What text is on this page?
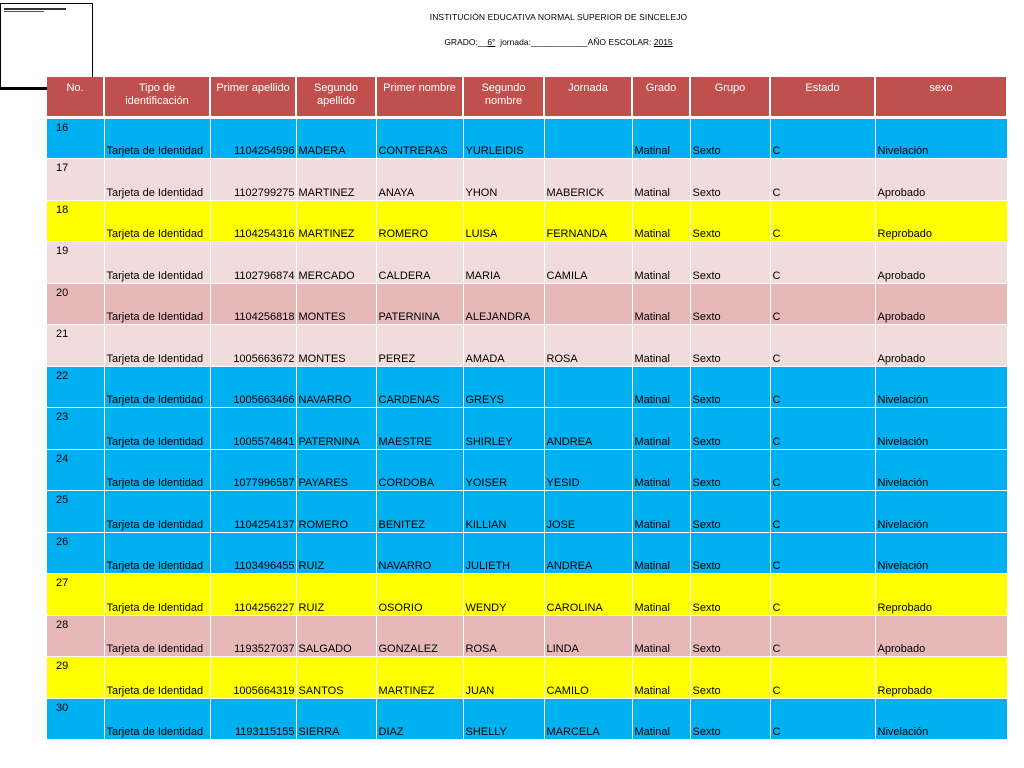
INSTITUCIÓN EDUCATIVA NORMAL SUPERIOR DE SINCELEJO
GRADO:__6°  jornada:____________AÑO ESCOLAR: 2015
No.	Tipo de identificación	Primer apellido	Segundo apellido	Primer nombre	Segundo nombre	Jornada	Grado	Grupo	Estado	sexo
16	Tarjeta de Identidad	1104254596	MADERA	CONTRERAS	YURLEIDIS		Matinal	Sexto	C	Nivelación
17	Tarjeta de Identidad	1102799275	MARTINEZ	ANAYA	YHON	MABERICK	Matinal	Sexto	C	Aprobado
18	Tarjeta de Identidad	1104254316	MARTINEZ	ROMERO	LUISA	FERNANDA	Matinal	Sexto	C	Reprobado
19	Tarjeta de Identidad	1102796874	MERCADO	CALDERA	MARIA	CAMILA	Matinal	Sexto	C	Aprobado
20	Tarjeta de Identidad	1104256818	MONTES	PATERNINA	ALEJANDRA		Matinal	Sexto	C	Aprobado
21	Tarjeta de Identidad	1005663672	MONTES	PEREZ	AMADA	ROSA	Matinal	Sexto	C	Aprobado
22	Tarjeta de Identidad	1005663466	NAVARRO	CARDENAS	GREYS		Matinal	Sexto	C	Nivelación
23	Tarjeta de Identidad	1005574841	PATERNINA	MAESTRE	SHIRLEY	ANDREA	Matinal	Sexto	C	Nivelación
24	Tarjeta de Identidad	1077996587	PAYARES	CORDOBA	YOISER	YESID	Matinal	Sexto	C	Nivelación
25	Tarjeta de Identidad	1104254137	ROMERO	BENITEZ	KILLIAN	JOSE	Matinal	Sexto	C	Nivelación
26	Tarjeta de Identidad	1103496455	RUIZ	NAVARRO	JULIETH	ANDREA	Matinal	Sexto	C	Nivelación
27	Tarjeta de Identidad	1104256227	RUIZ	OSORIO	WENDY	CAROLINA	Matinal	Sexto	C	Reprobado
28	Tarjeta de Identidad	1193527037	SALGADO	GONZALEZ	ROSA	LINDA	Matinal	Sexto	C	Aprobado
29	Tarjeta de Identidad	1005664319	SANTOS	MARTINEZ	JUAN	CAMILO	Matinal	Sexto	C	Reprobado
30	Tarjeta de Identidad	1193115155	SIERRA	DIAZ	SHELLY	MARCELA	Matinal	Sexto	C	Nivelación
